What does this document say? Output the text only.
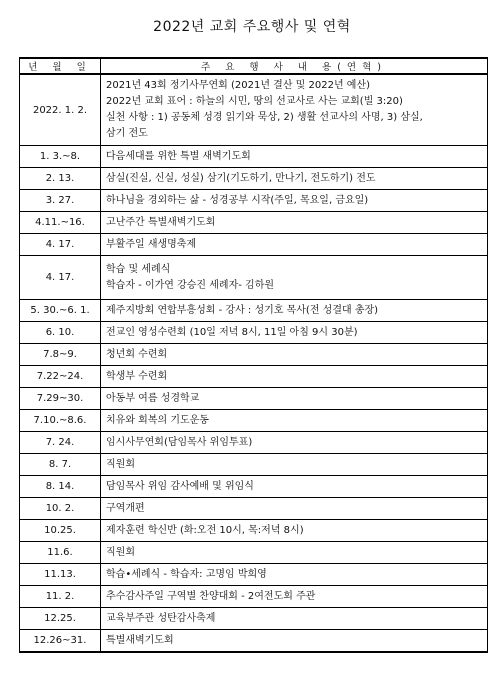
2022년 교회 주요행사 및 연혁
년 월 일	주 요 행 사 내 용(연혁)
2022. 1. 2.	2021년 43회 정기사무연회 (2021년 결산 및 2022년 예산)
2022년 교회 표어 : 하늘의 시민, 땅의 선교사로 사는 교회(빌 3:20)
실천 사항 : 1) 공동체 성경 읽기와 묵상, 2) 생활 선교사의 사명, 3) 삼실,
삼기 전도

1. 3.~8.	다음세대를 위한 특별 새벽기도회

2. 13.	삼실(진실, 신실, 성실) 삼기(기도하기, 만나기, 전도하기) 전도

3. 27.	하나님을 경외하는 삶 - 성경공부 시작(주일, 목요일, 금요일)

4.11.~16.	고난주간 특별새벽기도회

4. 17.	부활주일 새생명축제

4. 17.	학습 및 세례식
학습자 - 이가연 강승진 세례자- 김하원

5. 30.~6. 1.	제주지방회 연합부흥성회 - 강사 : 성기호 목사(전 성결대 총장)

6. 10.	전교인 영성수련회 (10일 저녁 8시, 11일 아침 9시 30분)

7.8~9.	청년회 수련회

7.22~24.	학생부 수련회

7.29~30.	아동부 여름 성경학교

7.10.~8.6.	치유와 회복의 기도운동

7. 24.	임시사무연회(담임목사 위임투표)

8. 7.	직원회

8. 14.	담임목사 위임 감사예배 및 위임식

10. 2.	구역개편

10.25.	제자훈련 학신반 (화:오전 10시, 목:저녁 8시)

11.6.	직원회

11.13.	학습•세례식 - 학습자: 고명임 박희영

11. 2.	추수감사주일 구역별 찬양대회 - 2여전도회 주관

12.25.	교육부주관 성탄감사축제

12.26~31.	특별새벽기도회
